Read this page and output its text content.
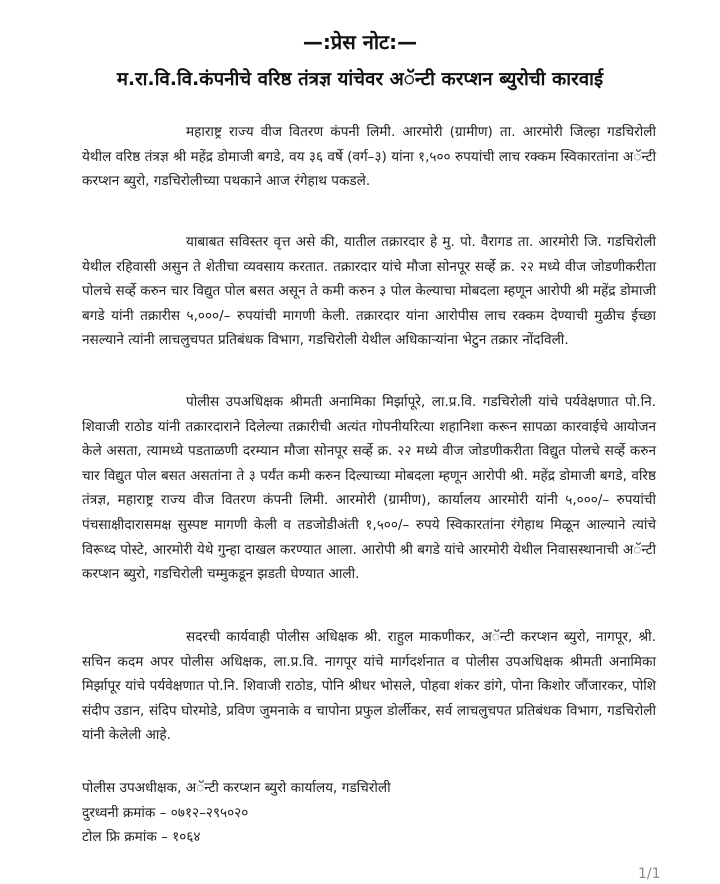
—:प्रेस नोट:—
म.रा.वि.वि.कंपनीचे वरिष्ठ तंत्रज्ञ यांचेवर अॅन्टी करप्शन ब्युरोची कारवाई

महाराष्ट्र राज्य वीज वितरण कंपनी लिमी. आरमोरी (ग्रामीण) ता. आरमोरी जिल्हा गडचिरोली येथील वरिष्ठ तंत्रज्ञ श्री महेंद्र डोमाजी बगडे, वय ३६ वर्षे (वर्ग–३) यांना १,५०० रुपयांची लाच रक्कम स्विकारतांना अॅन्टी करप्शन ब्युरो, गडचिरोलीच्या पथकाने आज रंगेहाथ पकडले.

याबाबत सविस्तर वृत्त असे की, यातील तक्रारदार हे मु. पो. वैरागड ता. आरमोरी जि. गडचिरोली येथील रहिवासी असुन ते शेतीचा व्यवसाय करतात. तक्रारदार यांचे मौजा सोनपूर सर्व्हे क्र. २२ मध्ये वीज जोडणीकरीता पोलचे सर्व्हे करुन चार विद्युत पोल बसत असून ते कमी करुन ३ पोल केल्याचा मोबदला म्हणून आरोपी श्री महेंद्र डोमाजी बगडे यांनी तक्रारीस ५,०००/– रुपयांची मागणी केली. तक्रारदार यांना आरोपीस लाच रक्कम देण्याची मुळीच ईच्छा नसल्याने त्यांनी लाचलुचपत प्रतिबंधक विभाग, गडचिरोली येथील अधिकाऱ्यांना भेटुन तक्रार नोंदविली.

पोलीस उपअधिक्षक श्रीमती अनामिका मिर्झापूरे, ला.प्र.वि. गडचिरोली यांचे पर्यवेक्षणात पो.नि. शिवाजी राठोड यांनी तक्रारदाराने दिलेल्या तक्रारीची अत्यंत गोपनीयरित्या शहानिशा करून सापळा कारवाईचे आयोजन केले असता, त्यामध्ये पडताळणी दरम्यान मौजा सोनपूर सर्व्हे क्र. २२ मध्ये वीज जोडणीकरीता विद्युत पोलचे सर्व्हे करुन चार विद्युत पोल बसत असतांना ते ३ पर्यंत कमी करुन दिल्याच्या मोबदला म्हणून आरोपी श्री. महेंद्र डोमाजी बगडे, वरिष्ठ तंत्रज्ञ, महाराष्ट्र राज्य वीज वितरण कंपनी लिमी. आरमोरी (ग्रामीण), कार्यालय आरमोरी यांनी ५,०००/– रुपयांची पंचसाक्षीदारासमक्ष सुस्पष्ट मागणी केली व तडजोडीअंती १,५००/– रुपये स्विकारतांना रंगेहाथ मिळून आल्याने त्यांचे विरूध्द पोस्टे, आरमोरी येथे गुन्हा दाखल करण्यात आला. आरोपी श्री बगडे यांचे आरमोरी येथील निवासस्थानाची अॅन्टी करप्शन ब्युरो, गडचिरोली चम्मुकडून झडती घेण्यात आली.

सदरची कार्यवाही पोलीस अधिक्षक श्री. राहुल माकणीकर, अॅन्टी करप्शन ब्युरो, नागपूर, श्री. सचिन कदम अपर पोलीस अधिक्षक, ला.प्र.वि. नागपूर यांचे मार्गदर्शनात व पोलीस उपअधिक्षक श्रीमती अनामिका मिर्झापूर यांचे पर्यवेक्षणात पो.नि. शिवाजी राठोड, पोनि श्रीधर भोसले, पोहवा शंकर डांगे, पोना किशोर जौंजारकर, पोशि संदीप उडान, संदिप घोरमोडे, प्रविण जुमनाके व चापोना प्रफुल डोर्लीकर, सर्व लाचलुचपत प्रतिबंधक विभाग, गडचिरोली यांनी केलेली आहे.

पोलीस उपअधीक्षक, अॅन्टी करप्शन ब्युरो कार्यालय, गडचिरोली
दुरध्वनी क्रमांक – ०७१२–२९५०२०
टोल फ्रि क्रमांक – १०६४
1/1
